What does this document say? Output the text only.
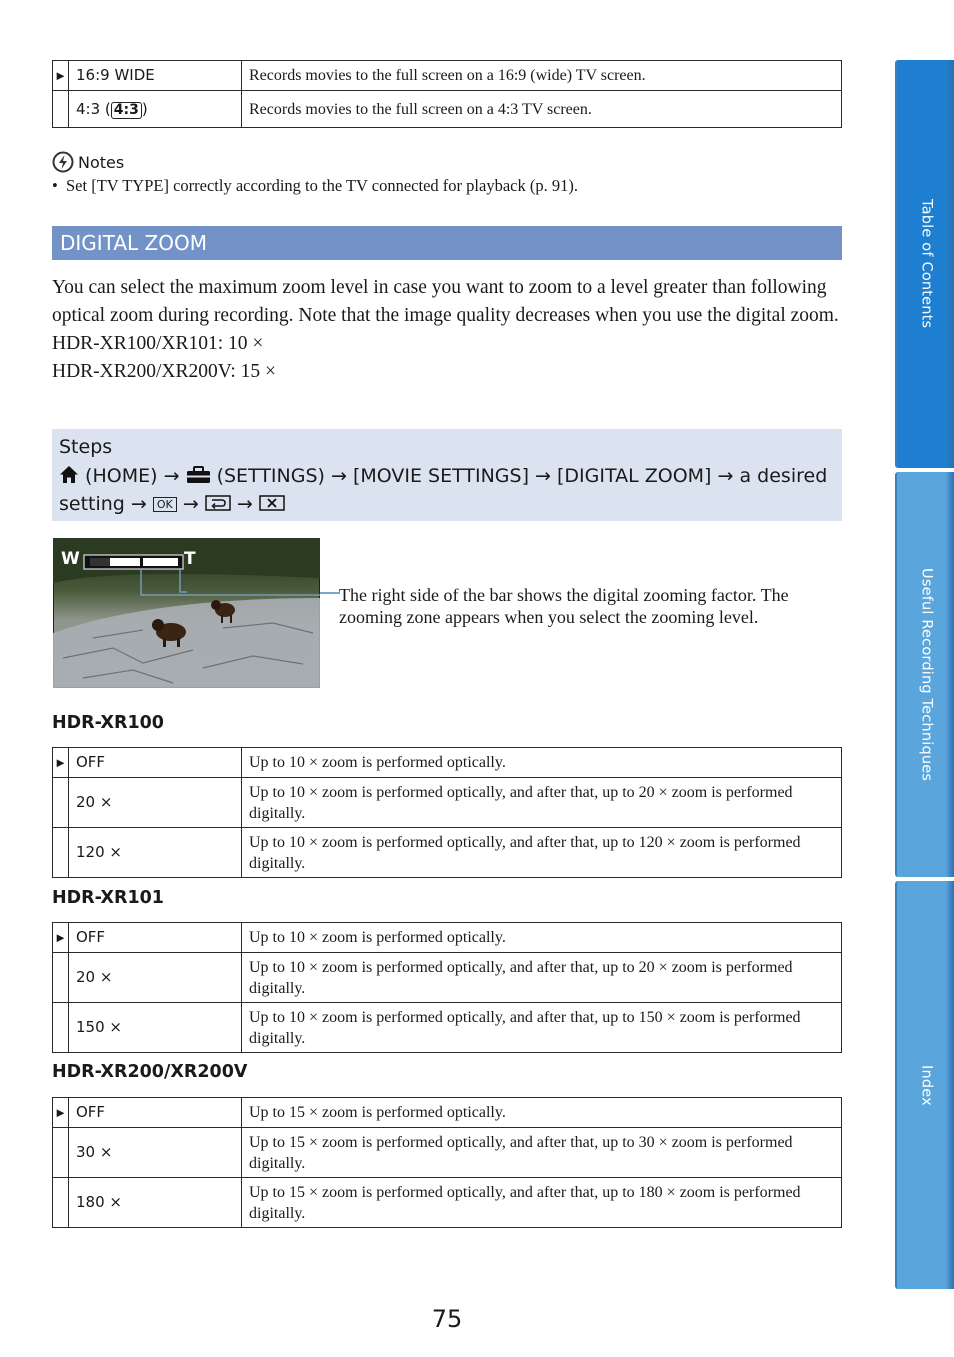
►	16:9 WIDE	Records movies to the full screen on a 16:9 (wide) TV screen.
	4:3 ( 4:3 )	Records movies to the full screen on a 4:3 TV screen.
Notes
• Set [TV TYPE] correctly according to the TV connected for playback (p. 91).
DIGITAL ZOOM
You can select the maximum zoom level in case you want to zoom to a level greater than following optical zoom during recording. Note that the image quality decreases when you use the digital zoom.
HDR-XR100/XR101: 10 ×
HDR-XR200/XR200V: 15 ×
Steps
(HOME) → (SETTINGS) → [MOVIE SETTINGS] → [DIGITAL ZOOM] → a desired setting → OK → →
W	T
The right side of the bar shows the digital zooming factor. The zooming zone appears when you select the zooming level.
HDR-XR100
►	OFF	Up to 10 × zoom is performed optically.
	20 ×	Up to 10 × zoom is performed optically, and after that, up to 20 × zoom is performed digitally.
	120 ×	Up to 10 × zoom is performed optically, and after that, up to 120 × zoom is performed digitally.
HDR-XR101
►	OFF	Up to 10 × zoom is performed optically.
	20 ×	Up to 10 × zoom is performed optically, and after that, up to 20 × zoom is performed digitally.
	150 ×	Up to 10 × zoom is performed optically, and after that, up to 150 × zoom is performed digitally.
HDR-XR200/XR200V
►	OFF	Up to 15 × zoom is performed optically.
	30 ×	Up to 15 × zoom is performed optically, and after that, up to 30 × zoom is performed digitally.
	180 ×	Up to 15 × zoom is performed optically, and after that, up to 180 × zoom is performed digitally.
75
Table of Contents
Useful Recording Techniques
Index
